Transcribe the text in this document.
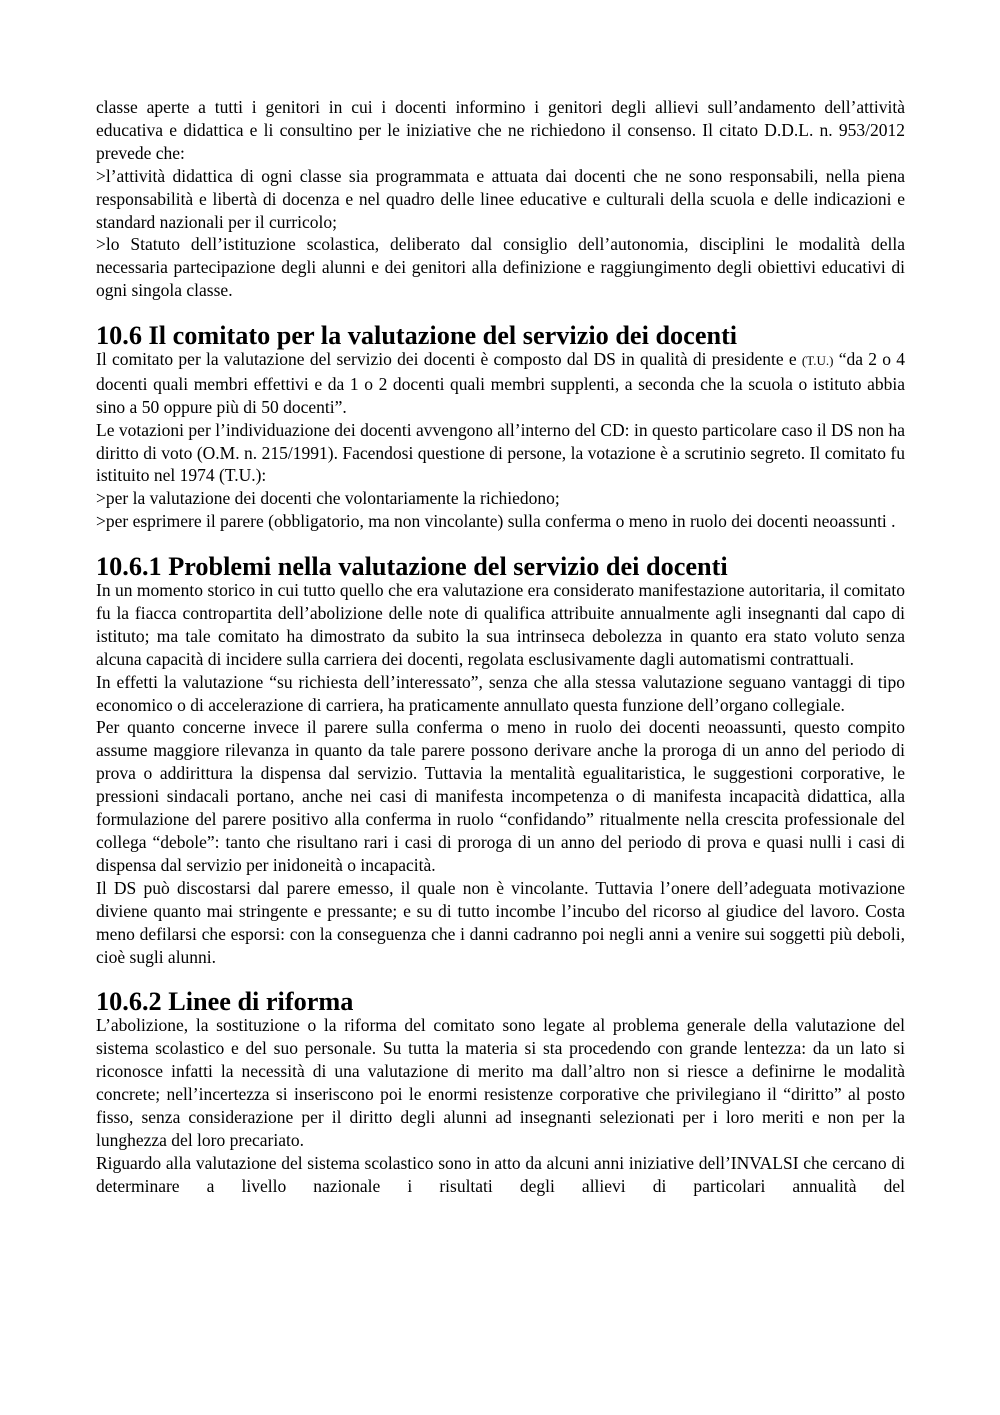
classe aperte a tutti i genitori in cui i docenti informino i genitori degli allievi sull’andamento dell’attività educativa e didattica e li consultino per le iniziative che ne richiedono il consenso. Il citato D.D.L. n. 953/2012 prevede che:

>l’attività didattica di ogni classe sia programmata e attuata dai docenti che ne sono responsabili, nella piena responsabilità e libertà di docenza e nel quadro delle linee educative e culturali della scuola e delle indicazioni e standard nazionali per il curricolo;

>lo Statuto dell’istituzione scolastica, deliberato dal consiglio dell’autonomia, disciplini le modalità della necessaria partecipazione degli alunni e dei genitori alla definizione e raggiungimento degli obiettivi educativi di ogni singola classe.

10.6 Il comitato per la valutazione del servizio dei docenti

Il comitato per la valutazione del servizio dei docenti è composto dal DS in qualità di presidente e (T.U.) “da 2 o 4 docenti quali membri effettivi e da 1 o 2 docenti quali membri supplenti, a seconda che la scuola o istituto abbia sino a 50 oppure più di 50 docenti”.

Le votazioni per l’individuazione dei docenti avvengono all’interno del CD: in questo particolare caso il DS non ha diritto di voto (O.M. n. 215/1991). Facendosi questione di persone, la votazione è a scrutinio segreto. Il comitato fu istituito nel 1974 (T.U.):

>per la valutazione dei docenti che volontariamente la richiedono;

>per esprimere il parere (obbligatorio, ma non vincolante) sulla conferma o meno in ruolo dei docenti neoassunti .

10.6.1 Problemi nella valutazione del servizio dei docenti

In un momento storico in cui tutto quello che era valutazione era considerato manifestazione autoritaria, il comitato fu la fiacca contropartita dell’abolizione delle note di qualifica attribuite annualmente agli insegnanti dal capo di istituto; ma tale comitato ha dimostrato da subito la sua intrinseca debolezza in quanto era stato voluto senza alcuna capacità di incidere sulla carriera dei docenti, regolata esclusivamente dagli automatismi contrattuali.

In effetti la valutazione “su richiesta dell’interessato”, senza che alla stessa valutazione seguano vantaggi di tipo economico o di accelerazione di carriera, ha praticamente annullato questa funzione dell’organo collegiale.

Per quanto concerne invece il parere sulla conferma o meno in ruolo dei docenti neoassunti, questo compito assume maggiore rilevanza in quanto da tale parere possono derivare anche la proroga di un anno del periodo di prova o addirittura la dispensa dal servizio. Tuttavia la mentalità egualitaristica, le suggestioni corporative, le pressioni sindacali portano, anche nei casi di manifesta incompetenza o di manifesta incapacità didattica, alla formulazione del parere positivo alla conferma in ruolo “confidando” ritualmente nella crescita professionale del collega “debole”: tanto che risultano rari i casi di proroga di un anno del periodo di prova e quasi nulli i casi di dispensa dal servizio per inidoneità o incapacità.

Il DS può discostarsi dal parere emesso, il quale non è vincolante. Tuttavia l’onere dell’adeguata motivazione diviene quanto mai stringente e pressante; e su di tutto incombe l’incubo del ricorso al giudice del lavoro. Costa meno defilarsi che esporsi: con la conseguenza che i danni cadranno poi negli anni a venire sui soggetti più deboli, cioè sugli alunni.

10.6.2 Linee di riforma

L’abolizione, la sostituzione o la riforma del comitato sono legate al problema generale della valutazione del sistema scolastico e del suo personale. Su tutta la materia si sta procedendo con grande lentezza: da un lato si riconosce infatti la necessità di una valutazione di merito ma dall’altro non si riesce a definirne le modalità concrete; nell’incertezza si inseriscono poi le enormi resistenze corporative che privilegiano il “diritto” al posto fisso, senza considerazione per il diritto degli alunni ad insegnanti selezionati per i loro meriti e non per la lunghezza del loro precariato.

Riguardo alla valutazione del sistema scolastico sono in atto da alcuni anni iniziative dell’INVALSI che cercano di determinare a livello nazionale i risultati degli allievi di particolari annualità del
